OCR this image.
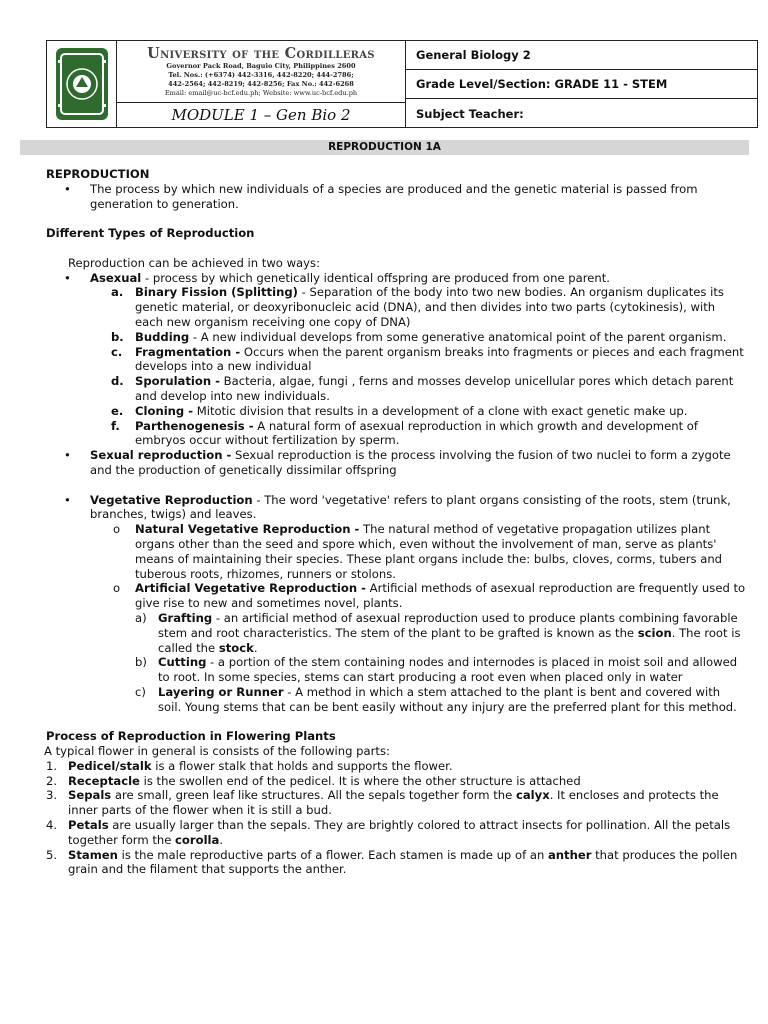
University of the Cordilleras
Governor Pack Road, Baguio City, Philippines 2600
Tel. Nos.: (+6374) 442-3316, 442-8220; 444-2786;
442-2564; 442-8219; 442-8256; Fax No.: 442-6268
Email: email@uc-bcf.edu.ph; Website: www.uc-bcf.edu.ph
MODULE 1 – Gen Bio 2
General Biology 2
Grade Level/Section: GRADE 11 - STEM
Subject Teacher:
REPRODUCTION 1A

REPRODUCTION

•	The process by which new individuals of a species are produced and the genetic material is passed from generation to generation.

Different Types of Reproduction

Reproduction can be achieved in two ways:

•	Asexual - process by which genetically identical offspring are produced from one parent.
a. Binary Fission (Splitting) - Separation of the body into two new bodies. An organism duplicates its genetic material, or deoxyribonucleic acid (DNA), and then divides into two parts (cytokinesis), with each new organism receiving one copy of DNA)
b. Budding - A new individual develops from some generative anatomical point of the parent organism.
c. Fragmentation - Occurs when the parent organism breaks into fragments or pieces and each fragment develops into a new individual
d. Sporulation - Bacteria, algae, fungi , ferns and mosses develop unicellular pores which detach parent and develop into new individuals.
e. Cloning - Mitotic division that results in a development of a clone with exact genetic make up.
f. Parthenogenesis - A natural form of asexual reproduction in which growth and development of embryos occur without fertilization by sperm.
•	Sexual reproduction - Sexual reproduction is the process involving the fusion of two nuclei to form a zygote and the production of genetically dissimilar offspring
•	Vegetative Reproduction - The word 'vegetative' refers to plant organs consisting of the roots, stem (trunk, branches, twigs) and leaves.
o Natural Vegetative Reproduction - The natural method of vegetative propagation utilizes plant organs other than the seed and spore which, even without the involvement of man, serve as plants' means of maintaining their species. These plant organs include the: bulbs, cloves, corms, tubers and tuberous roots, rhizomes, runners or stolons.
o Artificial Vegetative Reproduction - Artificial methods of asexual reproduction are frequently used to give rise to new and sometimes novel, plants.
a) Grafting - an artificial method of asexual reproduction used to produce plants combining favorable stem and root characteristics. The stem of the plant to be grafted is known as the scion. The root is called the stock.
b) Cutting - a portion of the stem containing nodes and internodes is placed in moist soil and allowed to root. In some species, stems can start producing a root even when placed only in water
c) Layering or Runner - A method in which a stem attached to the plant is bent and covered with soil. Young stems that can be bent easily without any injury are the preferred plant for this method.

Process of Reproduction in Flowering Plants

A typical flower in general is consists of the following parts:

1. Pedicel/stalk is a flower stalk that holds and supports the flower.
2. Receptacle is the swollen end of the pedicel. It is where the other structure is attached
3. Sepals are small, green leaf like structures. All the sepals together form the calyx. It encloses and protects the inner parts of the flower when it is still a bud.
4. Petals are usually larger than the sepals. They are brightly colored to attract insects for pollination. All the petals together form the corolla.
5. Stamen is the male reproductive parts of a flower. Each stamen is made up of an anther that produces the pollen grain and the filament that supports the anther.
